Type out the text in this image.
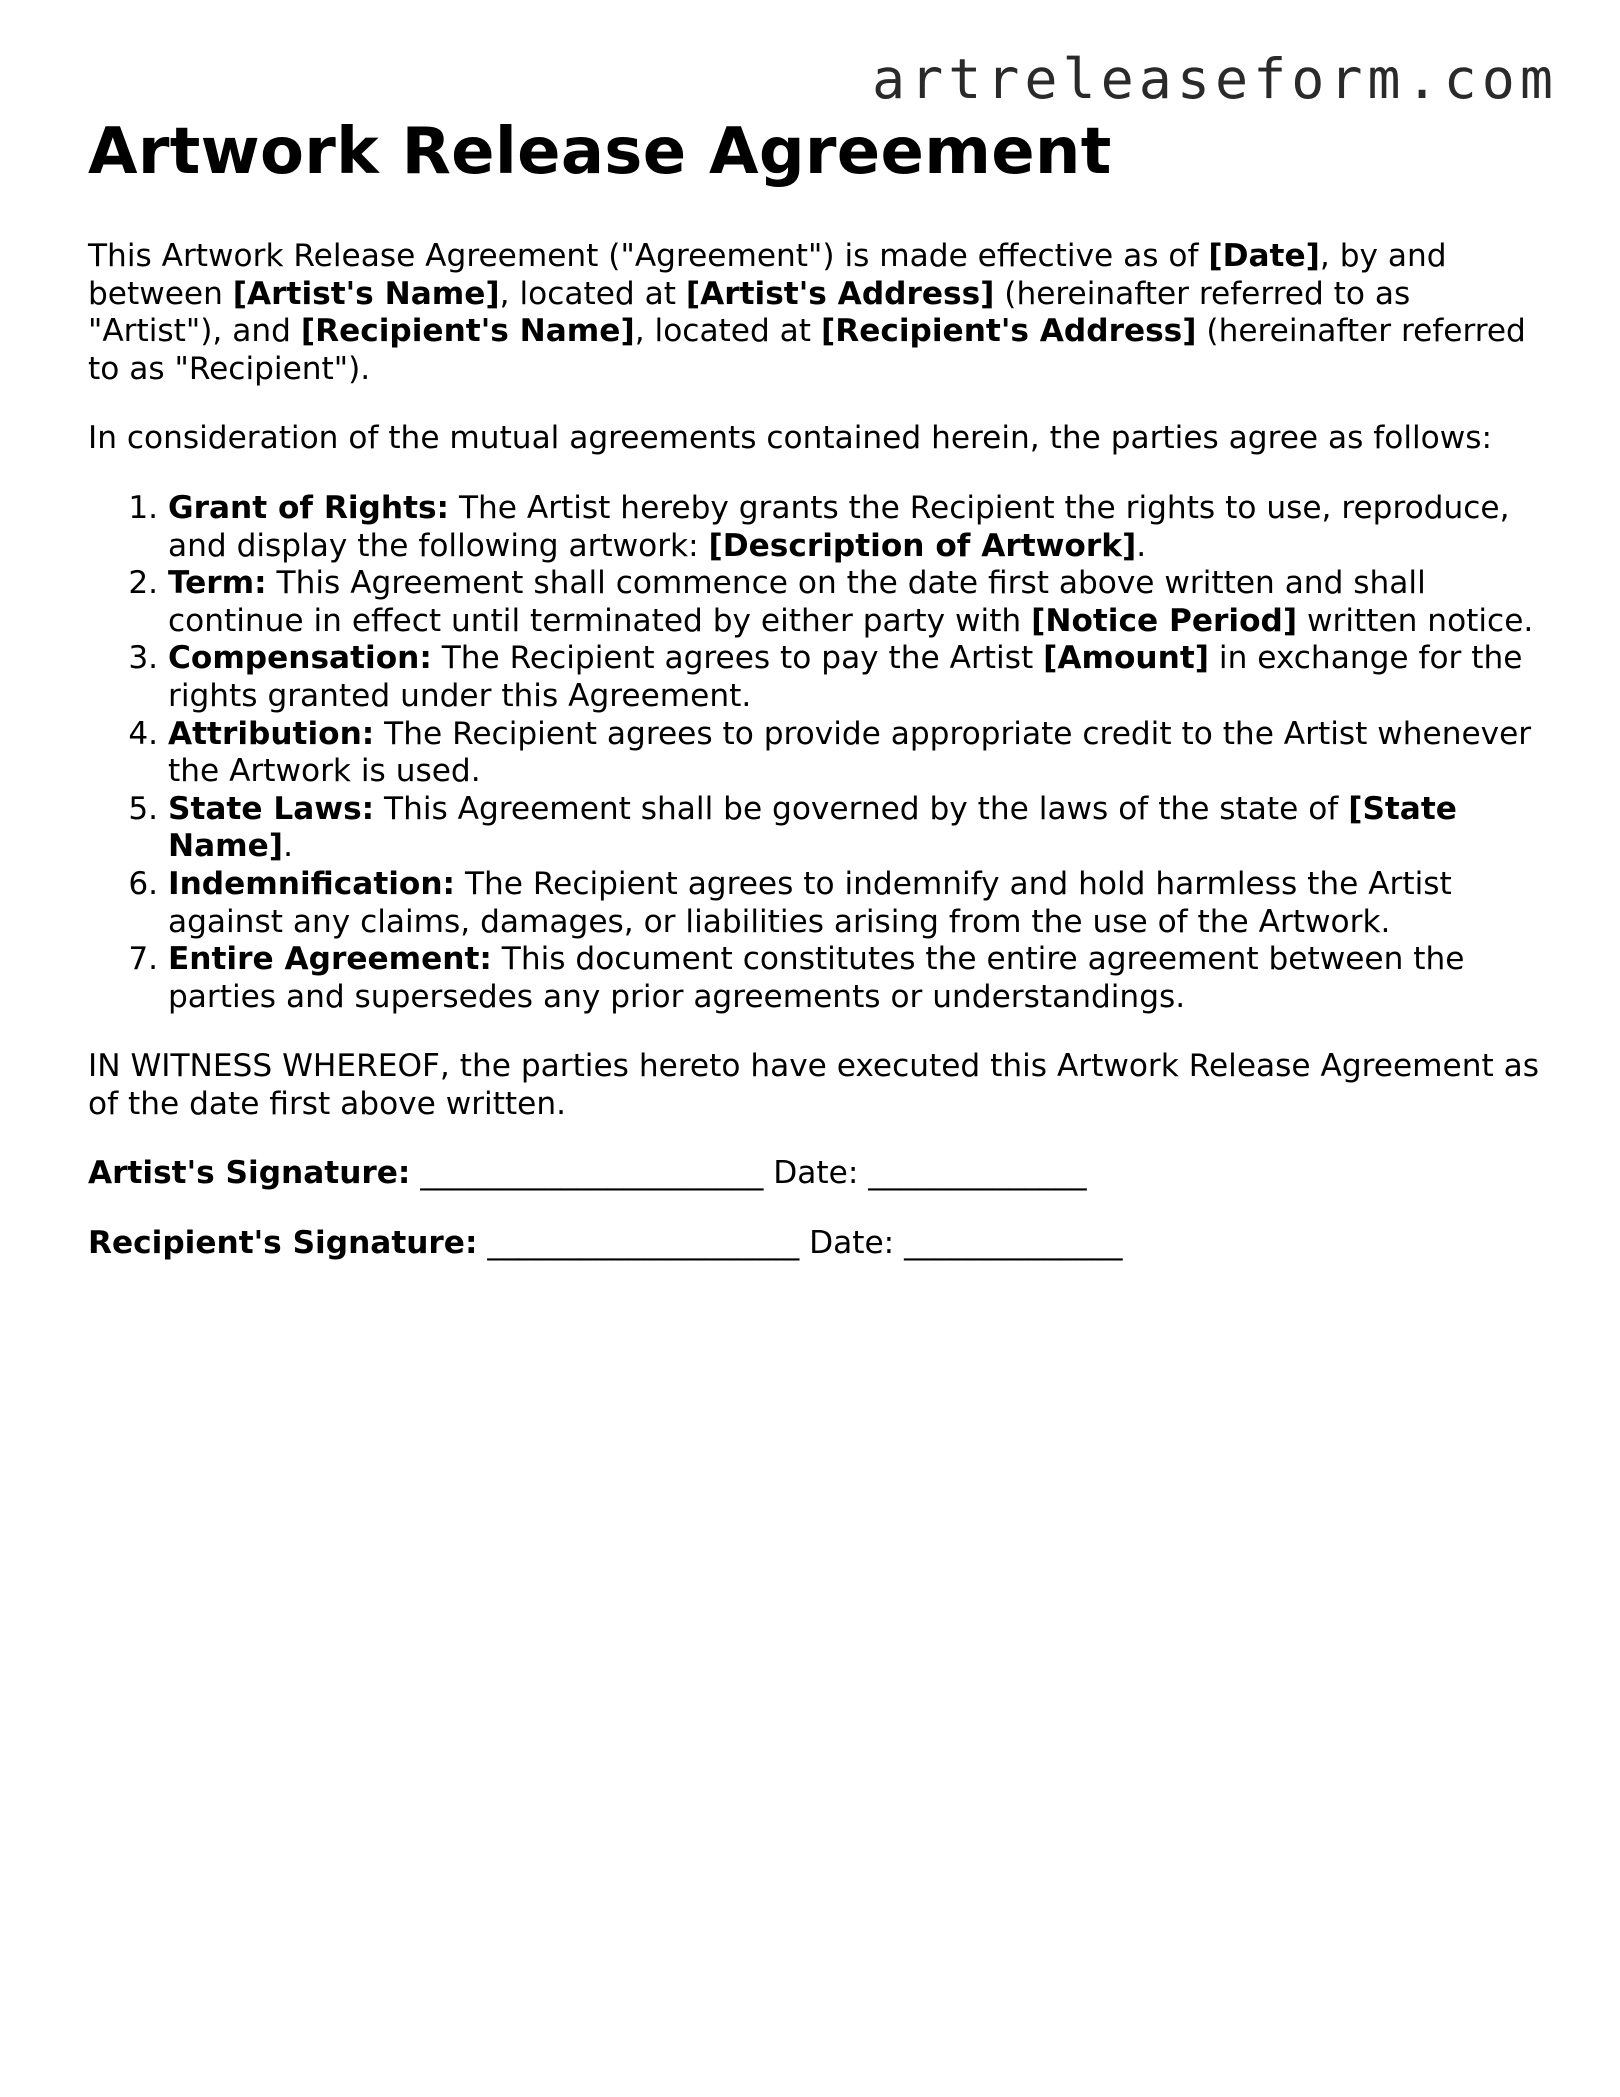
artreleaseform.com
Artwork Release Agreement

This Artwork Release Agreement ("Agreement") is made effective as of [Date], by and between [Artist's Name], located at [Artist's Address] (hereinafter referred to as "Artist"), and [Recipient's Name], located at [Recipient's Address] (hereinafter referred to as "Recipient").

In consideration of the mutual agreements contained herein, the parties agree as follows:

1. Grant of Rights: The Artist hereby grants the Recipient the rights to use, reproduce, and display the following artwork: [Description of Artwork].
2. Term: This Agreement shall commence on the date first above written and shall continue in effect until terminated by either party with [Notice Period] written notice.
3. Compensation: The Recipient agrees to pay the Artist [Amount] in exchange for the rights granted under this Agreement.
4. Attribution: The Recipient agrees to provide appropriate credit to the Artist whenever the Artwork is used.
5. State Laws: This Agreement shall be governed by the laws of the state of [State Name].
6. Indemnification: The Recipient agrees to indemnify and hold harmless the Artist against any claims, damages, or liabilities arising from the use of the Artwork.
7. Entire Agreement: This document constitutes the entire agreement between the parties and supersedes any prior agreements or understandings.

IN WITNESS WHEREOF, the parties hereto have executed this Artwork Release Agreement as of the date first above written.

Artist's Signature: ______________________ Date: ______________

Recipient's Signature: ____________________ Date: ______________
